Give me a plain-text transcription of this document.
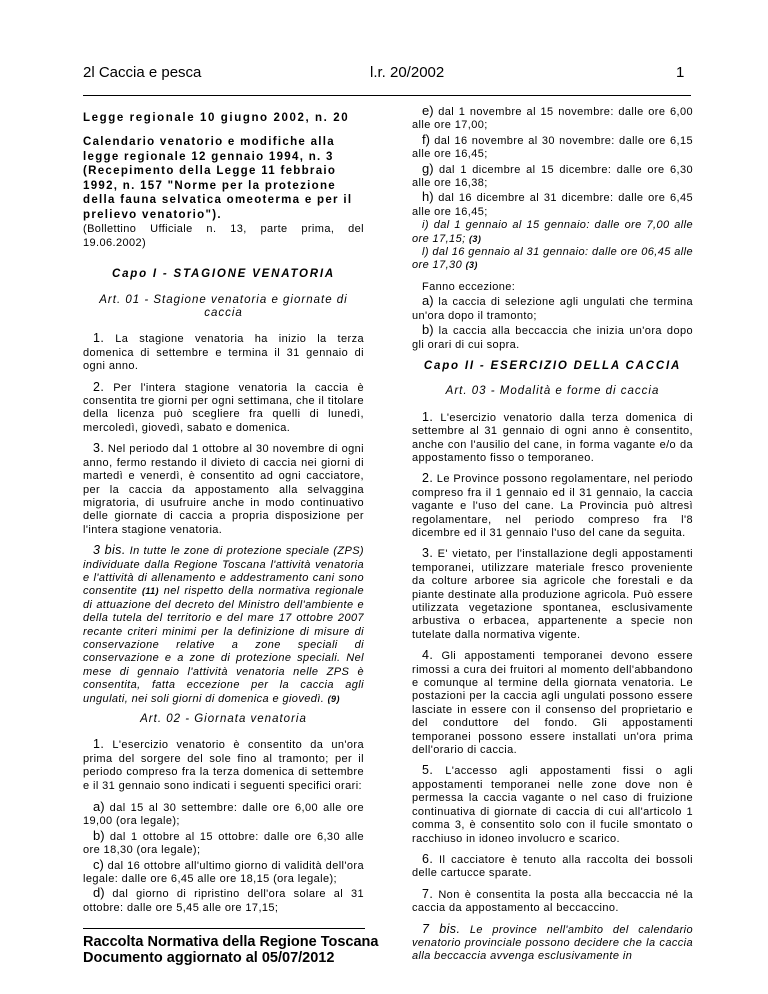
2l Caccia e pesca	l.r. 20/2002	1

Legge regionale 10 giugno 2002, n. 20

Calendario venatorio e modifiche alla legge regionale 12 gennaio 1994, n. 3 (Recepimento della Legge 11 febbraio 1992, n. 157 "Norme per la protezione della fauna selvatica omeoterma e per il prelievo venatorio").

(Bollettino Ufficiale n. 13, parte prima, del 19.06.2002)

Capo I - STAGIONE VENATORIA

Art. 01 - Stagione venatoria e giornate di caccia

1. La stagione venatoria ha inizio la terza domenica di settembre e termina il 31 gennaio di ogni anno.

2. Per l'intera stagione venatoria la caccia è consentita tre giorni per ogni settimana, che il titolare della licenza può scegliere fra quelli di lunedì, mercoledì, giovedì, sabato e domenica.

3. Nel periodo dal 1 ottobre al 30 novembre di ogni anno, fermo restando il divieto di caccia nei giorni di martedì e venerdì, è consentito ad ogni cacciatore, per la caccia da appostamento alla selvaggina migratoria, di usufruire anche in modo continuativo delle giornate di caccia a propria disposizione per l'intera stagione venatoria.

3 bis. In tutte le zone di protezione speciale (ZPS) individuate dalla Regione Toscana l'attività venatoria e l'attività di allenamento e addestramento cani sono consentite (11) nel rispetto della normativa regionale di attuazione del decreto del Ministro dell'ambiente e della tutela del territorio e del mare 17 ottobre 2007 recante criteri minimi per la definizione di misure di conservazione relative a zone speciali di conservazione e a zone di protezione speciali. Nel mese di gennaio l'attività venatoria nelle ZPS è consentita, fatta eccezione per la caccia agli ungulati, nei soli giorni di domenica e giovedì. (9)

Art. 02 - Giornata venatoria

1. L'esercizio venatorio è consentito da un'ora prima del sorgere del sole fino al tramonto; per il periodo compreso fra la terza domenica di settembre e il 31 gennaio sono indicati i seguenti specifici orari:

a) dal 15 al 30 settembre: dalle ore 6,00 alle ore 19,00 (ora legale);

b) dal 1 ottobre al 15 ottobre: dalle ore 6,30 alle ore 18,30 (ora legale);

c) dal 16 ottobre all'ultimo giorno di validità dell'ora legale: dalle ore 6,45 alle ore 18,15 (ora legale);

d) dal giorno di ripristino dell'ora solare al 31 ottobre: dalle ore 5,45 alle ore 17,15;

e) dal 1 novembre al 15 novembre: dalle ore 6,00 alle ore 17,00;

f) dal 16 novembre al 30 novembre: dalle ore 6,15 alle ore 16,45;

g) dal 1 dicembre al 15 dicembre: dalle ore 6,30 alle ore 16,38;

h) dal 16 dicembre al 31 dicembre: dalle ore 6,45 alle ore 16,45;

i) dal 1 gennaio al 15 gennaio: dalle ore 7,00 alle ore 17,15; (3)

l) dal 16 gennaio al 31 gennaio: dalle ore 06,45 alle ore 17,30 (3)

Fanno eccezione:

a) la caccia di selezione agli ungulati che termina un'ora dopo il tramonto;

b) la caccia alla beccaccia che inizia un'ora dopo gli orari di cui sopra.

Capo II - ESERCIZIO DELLA CACCIA

Art. 03 - Modalità e forme di caccia

1. L'esercizio venatorio dalla terza domenica di settembre al 31 gennaio di ogni anno è consentito, anche con l'ausilio del cane, in forma vagante e/o da appostamento fisso o temporaneo.

2. Le Province possono regolamentare, nel periodo compreso fra il 1 gennaio ed il 31 gennaio, la caccia vagante e l'uso del cane. La Provincia può altresì regolamentare, nel periodo compreso fra l'8 dicembre ed il 31 gennaio l'uso del cane da seguita.

3. E' vietato, per l'installazione degli appostamenti temporanei, utilizzare materiale fresco proveniente da colture arboree sia agricole che forestali e da piante destinate alla produzione agricola. Può essere utilizzata vegetazione spontanea, esclusivamente arbustiva o erbacea, appartenente a specie non tutelate dalla normativa vigente.

4. Gli appostamenti temporanei devono essere rimossi a cura dei fruitori al momento dell'abbandono e comunque al termine della giornata venatoria. Le postazioni per la caccia agli ungulati possono essere lasciate in essere con il consenso del proprietario e del conduttore del fondo. Gli appostamenti temporanei possono essere installati un'ora prima dell'orario di caccia.

5. L'accesso agli appostamenti fissi o agli appostamenti temporanei nelle zone dove non è permessa la caccia vagante o nel caso di fruizione continuativa di giornate di caccia di cui all'articolo 1 comma 3, è consentito solo con il fucile smontato o racchiuso in idoneo involucro e scarico.

6. Il cacciatore è tenuto alla raccolta dei bossoli delle cartucce sparate.

7. Non è consentita la posta alla beccaccia né la caccia da appostamento al beccaccino.

7 bis. Le province nell'ambito del calendario venatorio provinciale possono decidere che la caccia alla beccaccia avvenga esclusivamente in

Raccolta Normativa della Regione Toscana
Documento aggiornato al 05/07/2012
